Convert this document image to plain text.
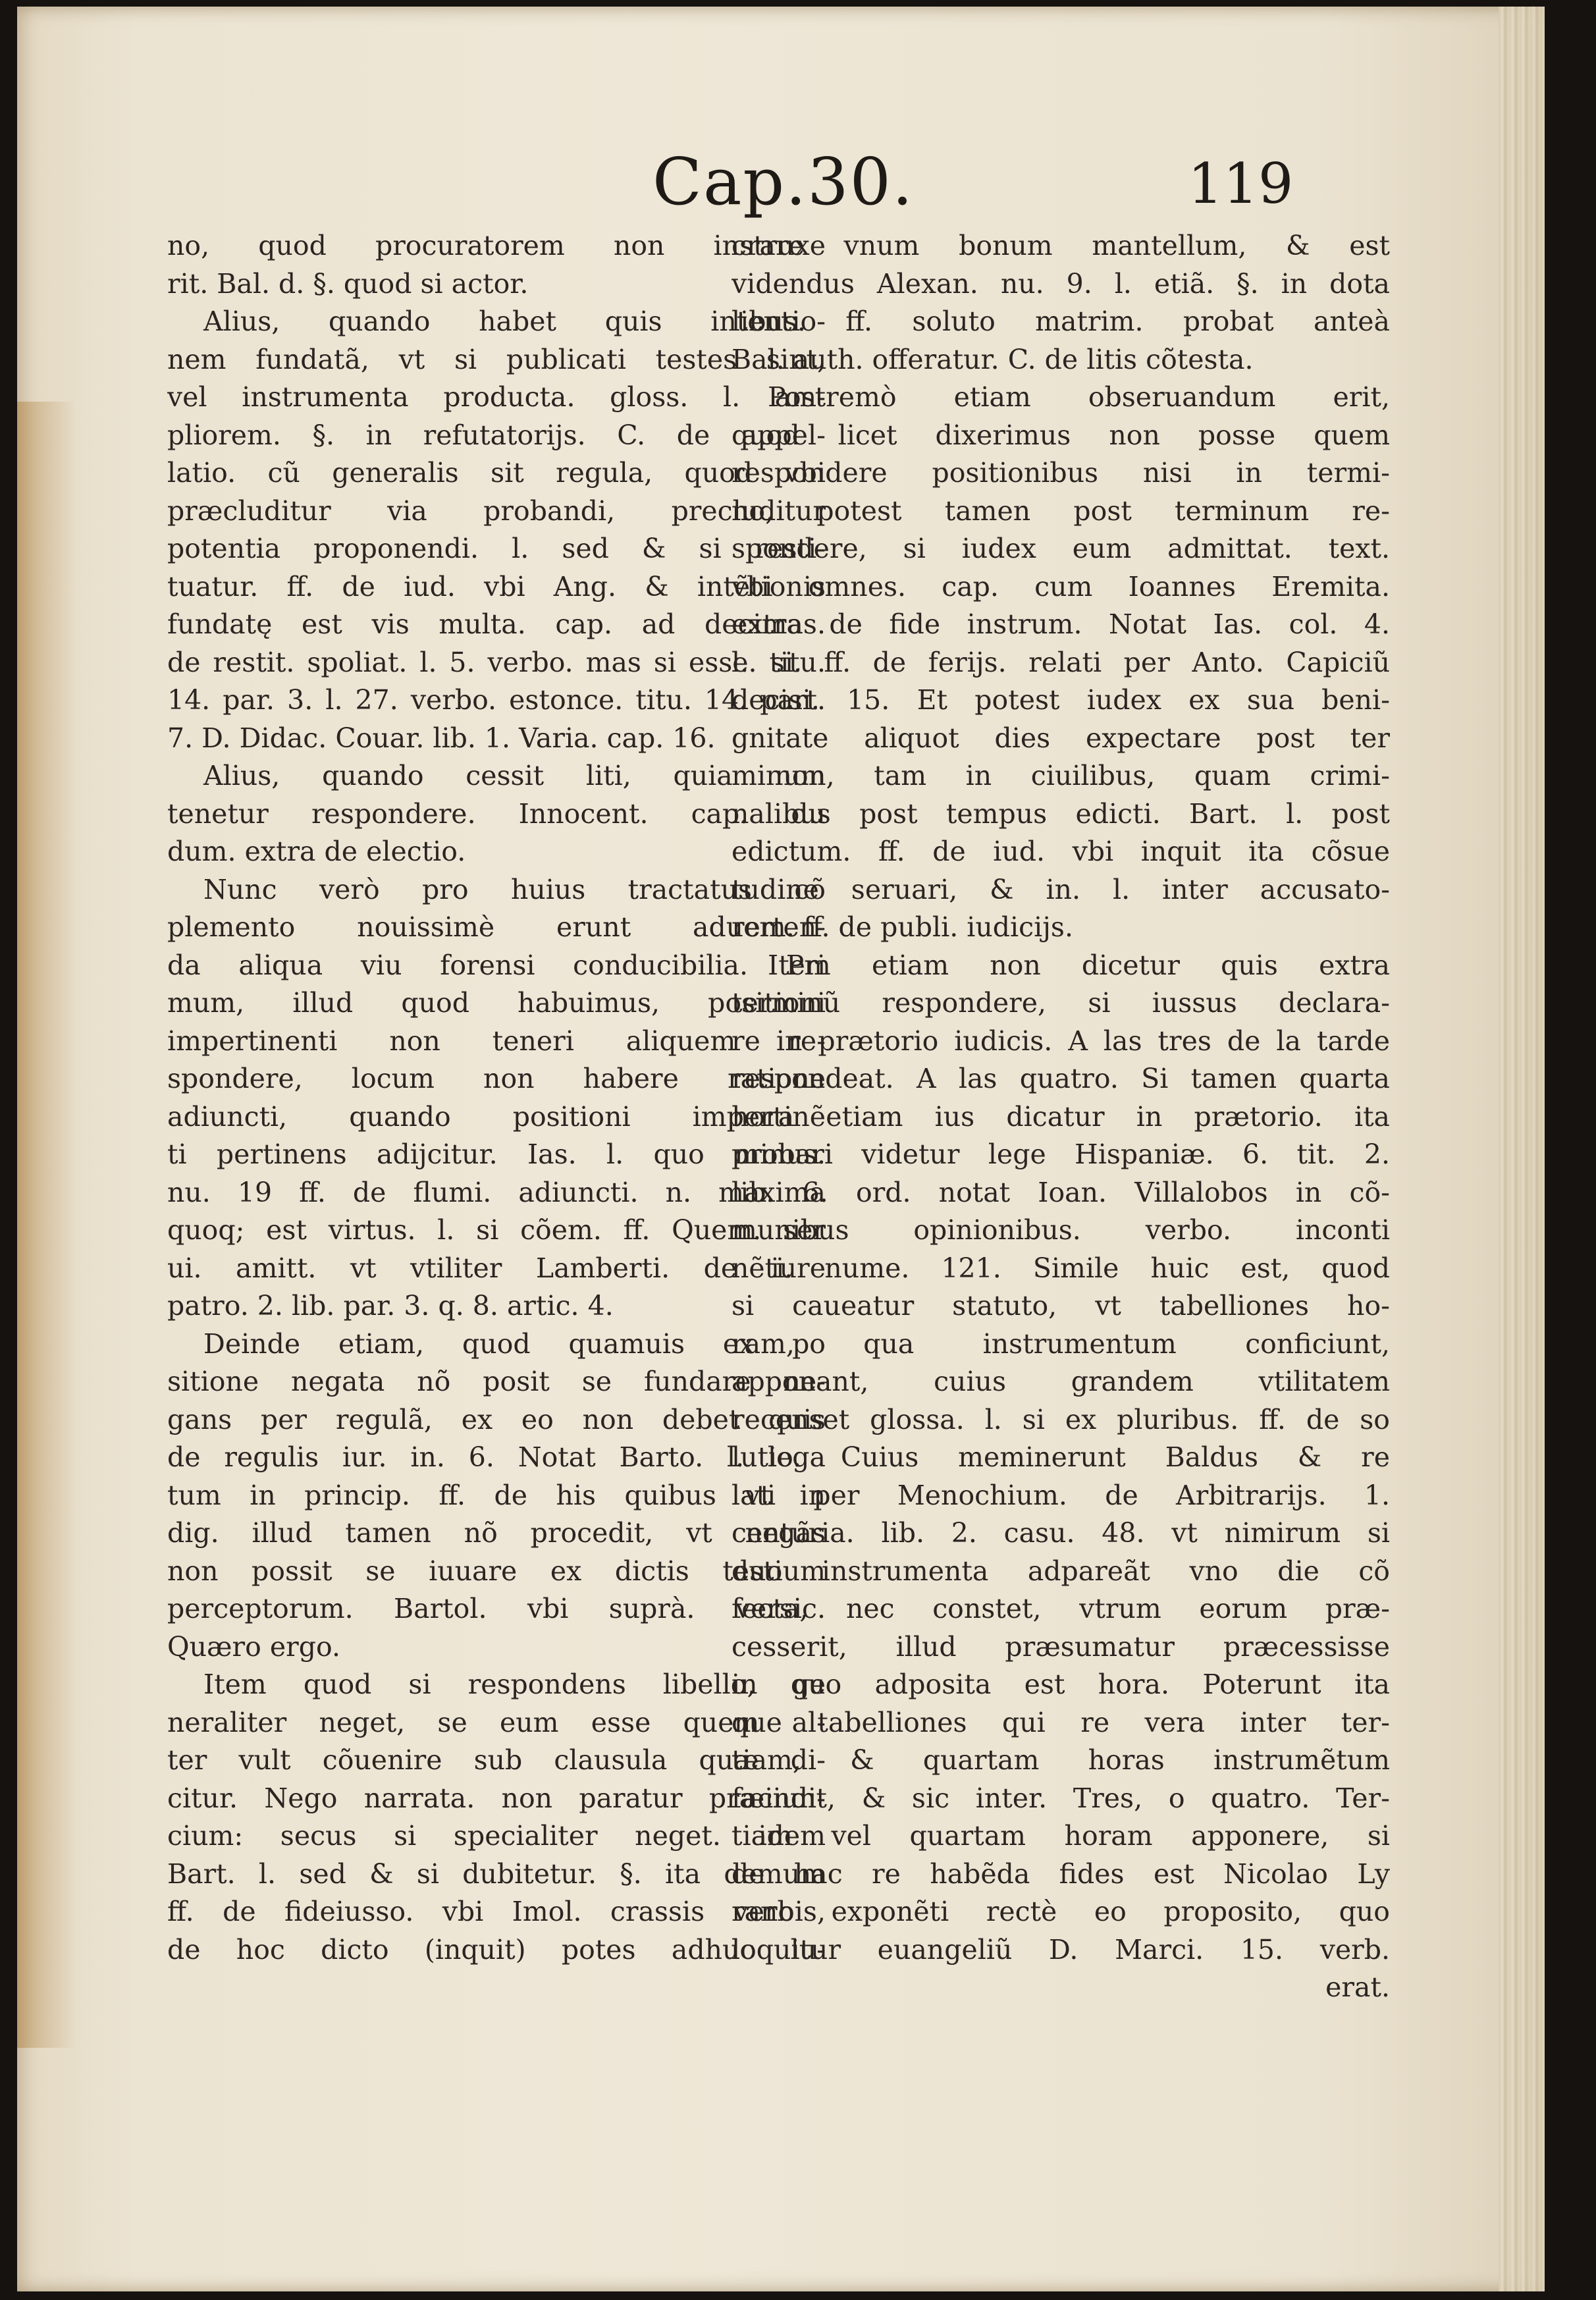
Cap.30.	119
no, quod procuratorem non instruxe
rit. Bal. d. §. quod si actor.
Alius, quando habet quis intentio-
nem fundatã, vt si publicati testes sint,
vel instrumenta producta. gloss. l. am-
pliorem. §. in refutatorijs. C. de appel-
latio. cũ generalis sit regula, quod vbi
præcluditur via probandi, precluditur
potentia proponendi. l. sed & si resti-
tuatur. ff. de iud. vbi Ang. & intẽtionis
fundatę est vis multa. cap. ad decimas.
de restit. spoliat. l. 5. verbo. mas si esse. titu.
14. par. 3. l. 27. verbo. estonce. titu. 14. part.
7. D. Didac. Couar. lib. 1. Varia. cap. 16.
Alius, quando cessit liti, quia non
tenetur respondere. Innocent. cap. du
dum. extra de electio.
Nunc verò pro huius tractatus cõ
plemento nouissimè erunt aduerten-
da aliqua viu forensi conducibilia. Pri
mum, illud quod habuimus, positioni
impertinenti non teneri aliquem re-
spondere, locum non habere ratione
adiuncti, quando positioni impertinẽ
ti pertinens adijcitur. Ias. l. quo minus.
nu. 19 ff. de flumi. adiuncti. n. maxima
quoq; est virtus. l. si cõem. ff. Quem. ser
ui. amitt. vt vtiliter Lamberti. de iure
patro. 2. lib. par. 3. q. 8. artic. 4.
Deinde etiam, quod quamuis ex po
sitione negata nõ posit se fundare ne-
gans per regulã, ex eo non debet quis
de regulis iur. in. 6. Notat Barto. l. lega
tum in princip. ff. de his quibus vt in
dig. illud tamen nõ procedit, vt negãs
non possit se iuuare ex dictis testium
perceptorum. Bartol. vbi suprà. versic.
Quæro ergo.
Item quod si respondens libello, ge
neraliter neget, se eum esse quem al-
ter vult cõuenire sub clausula quæ di-
citur. Nego narrata. non paratur præindi-
cium: secus si specialiter neget. idem
Bart. l. sed & si dubitetur. §. ita demum
ff. de fideiusso. vbi Imol. crassis verbis,
de hoc dicto (inquit) potes adhuc lu-
crare vnum bonum mantellum, & est
videndus Alexan. nu. 9. l. etiã. §. in dota
libus. ff. soluto matrim. probat anteà
Bal. auth. offeratur. C. de litis cõtesta.
Postremò etiam obseruandum erit,
quod licet dixerimus non posse quem
respondere positionibus nisi in termi-
no, potest tamen post terminum re-
spondere, si iudex eum admittat. text.
vbi omnes. cap. cum Ioannes Eremita.
extra de fide instrum. Notat Ias. col. 4.
l. si. ff. de ferijs. relati per Anto. Capiciũ
decisi. 15. Et potest iudex ex sua beni-
gnitate aliquot dies expectare post ter
minum, tam in ciuilibus, quam crimi-
nalibus post tempus edicti. Bart. l. post
edictum. ff. de iud. vbi inquit ita cõsue
tudine seruari, & in. l. inter accusato-
rem. ff. de publi. iudicijs.
Item etiam non dicetur quis extra
terminũ respondere, si iussus declara-
re in prætorio iudicis. A las tres de la tarde
respondeat. A las quatro. Si tamen quarta
hora etiam ius dicatur in prætorio. ita
probari videtur lege Hispaniæ. 6. tit. 2.
lib. 6. ord. notat Ioan. Villalobos in cõ-
munibus opinionibus. verbo. inconti
nẽti. nume. 121. Simile huic est, quod
si caueatur statuto, vt tabelliones ho-
ram, qua instrumentum conficiunt,
apponant, cuius grandem vtilitatem
recenset glossa. l. si ex pluribus. ff. de so
lutio. Cuius meminerunt Baldus & re
lati per Menochium. de Arbitrarijs. 1.
centuria. lib. 2. casu. 48. vt nimirum si
duo instrumenta adpareãt vno die cõ
fecta, nec constet, vtrum eorum præ-
cesserit, illud præsumatur præcessisse
in quo adposita est hora. Poterunt ita
que tabelliones qui re vera inter ter-
tiam, & quartam horas instrumẽtum
faciunt, & sic inter. Tres, o quatro. Ter-
tiam vel quartam horam apponere, si
de hac re habẽda fides est Nicolao Ly
rano exponẽti rectè eo proposito, quo
loquitur euangeliũ D. Marci. 15. verb.
erat.
